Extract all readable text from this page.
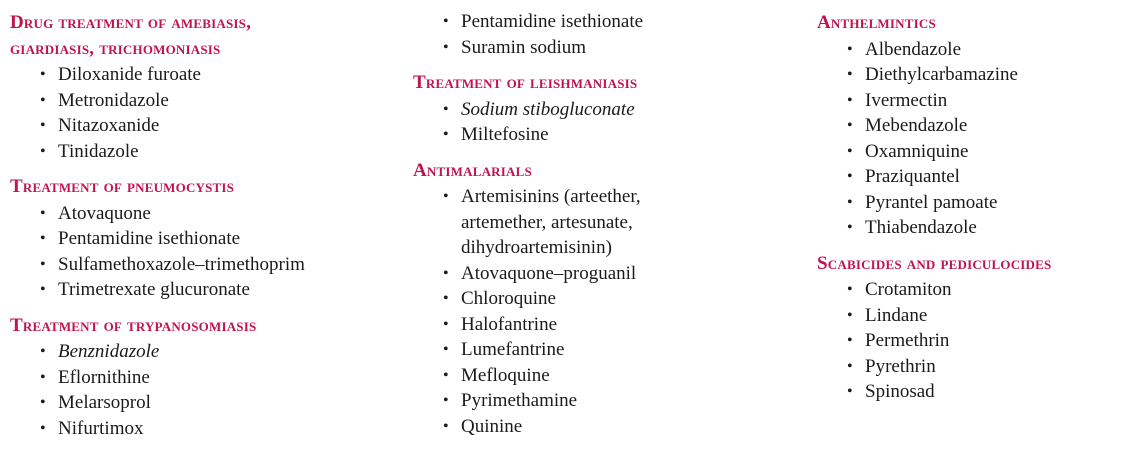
Drug treatment of amebiasis,
giardiasis, trichomoniasis
• Diloxanide furoate
• Metronidazole
• Nitazoxanide
• Tinidazole
Treatment of pneumocystis
• Atovaquone
• Pentamidine isethionate
• Sulfamethoxazole–trimethoprim
• Trimetrexate glucuronate
Treatment of trypanosomiasis
• Benznidazole
• Eflornithine
• Melarsoprol
• Nifurtimox
• Pentamidine isethionate
• Suramin sodium
Treatment of leishmaniasis
• Sodium stibogluconate
• Miltefosine
Antimalarials
• Artemisinins (arteether,
artemether, artesunate,
dihydroartemisinin)
• Atovaquone–proguanil
• Chloroquine
• Halofantrine
• Lumefantrine
• Mefloquine
• Pyrimethamine
• Quinine
Anthelmintics
• Albendazole
• Diethylcarbamazine
• Ivermectin
• Mebendazole
• Oxamniquine
• Praziquantel
• Pyrantel pamoate
• Thiabendazole
Scabicides and pediculocides
• Crotamiton
• Lindane
• Permethrin
• Pyrethrin
• Spinosad
